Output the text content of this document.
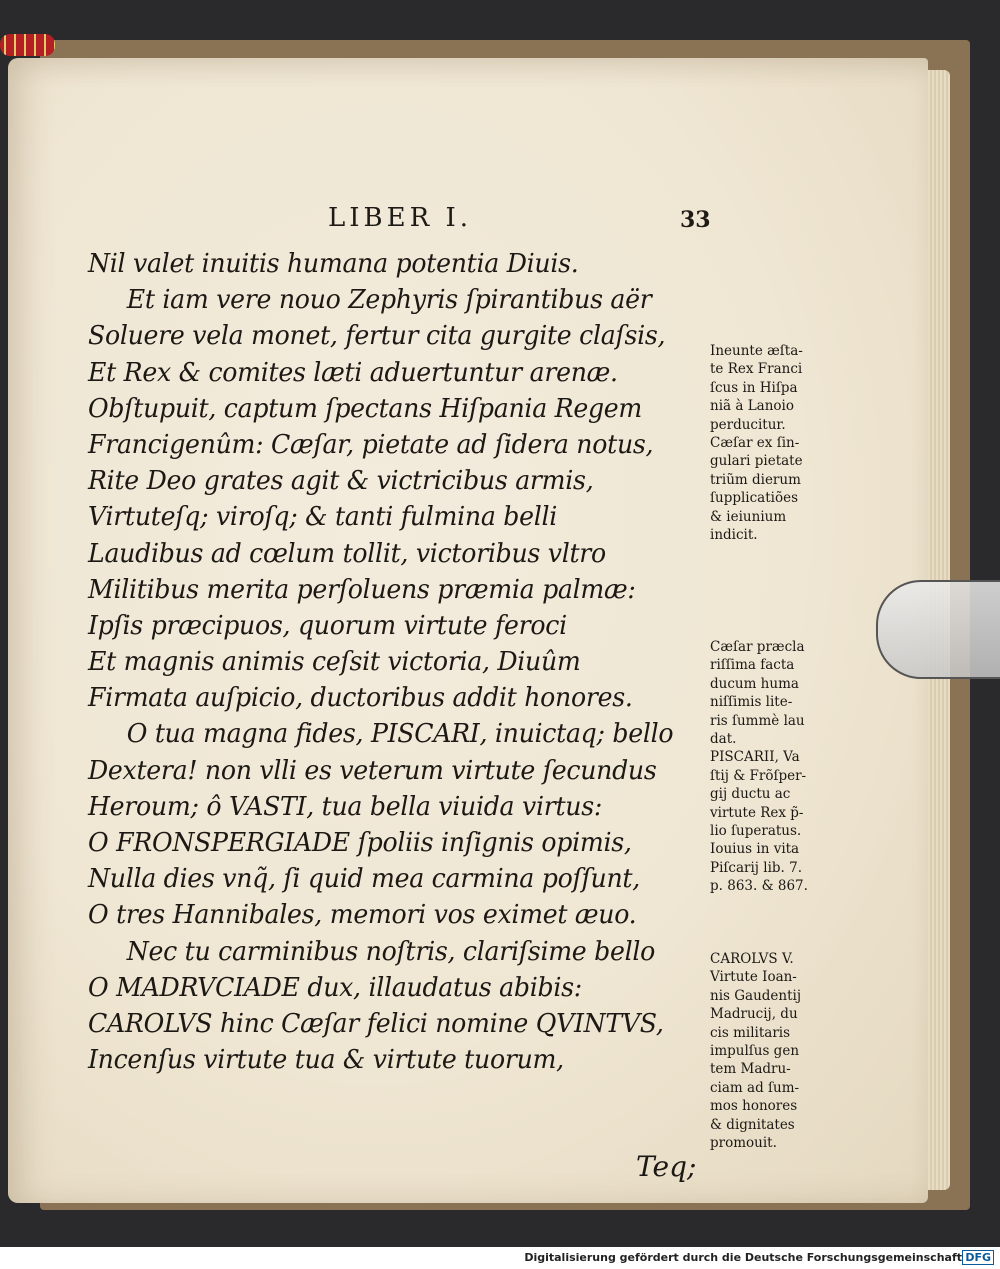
LIBER I.	33
Nil valet inuitis humana potentia Diuis.
Et iam vere nouo Zephyris ſpirantibus aër
Soluere vela monet, fertur cita gurgite claſsis,
Et Rex & comites læti aduertuntur arenæ.
Obſtupuit, captum ſpectans Hiſpania Regem
Francigenûm: Cæſar, pietate ad ſidera notus,
Rite Deo grates agit & victricibus armis,
Virtuteſq; viroſq; & tanti fulmina belli
Laudibus ad cœlum tollit, victoribus vltro
Militibus merita perſoluens præmia palmæ:
Ipſis præcipuos, quorum virtute feroci
Et magnis animis ceſsit victoria, Diuûm
Firmata auſpicio, ductoribus addit honores.
O tua magna fides, PISCARI, inuictaq; bello
Dextera! non vlli es veterum virtute ſecundus
Heroum; ô VASTI, tua bella viuida virtus:
O FRONSPERGIADE ſpoliis inſignis opimis,
Nulla dies vnq̃, ſi quid mea carmina poſſunt,
O tres Hannibales, memori vos eximet æuo.
Nec tu carminibus noſtris, clariſsime bello
O MADRVCIADE dux, illaudatus abibis:
CAROLVS hinc Cæſar felici nomine QVINTVS,
Incenſus virtute tua & virtute tuorum,
Ineunte æſta-
te Rex Franci
ſcus in Hiſpa
niã à Lanoio
perducitur.
Cæſar ex ſin-
gulari pietate
triũm dierum
ſupplicatiões
& ieiunium
indicit.
Cæſar præcla
riſſima facta
ducum huma
niſſimis lite-
ris ſummè lau
dat.
PISCARII, Va
ſtij & Frõſper-
gij ductu ac
virtute Rex p̃-
lio ſuperatus.
Iouius in vita
Piſcarij lib. 7.
p. 863. & 867.
CAROLVS V.
Virtute Ioan-
nis Gaudentij
Madrucij, du
cis militaris
impulſus gen
tem Madru-
ciam ad ſum-
mos honores
& dignitates
promouit.
Teq;
Digitalisierung gefördert durch die Deutsche Forschungsgemeinschaft DFG
